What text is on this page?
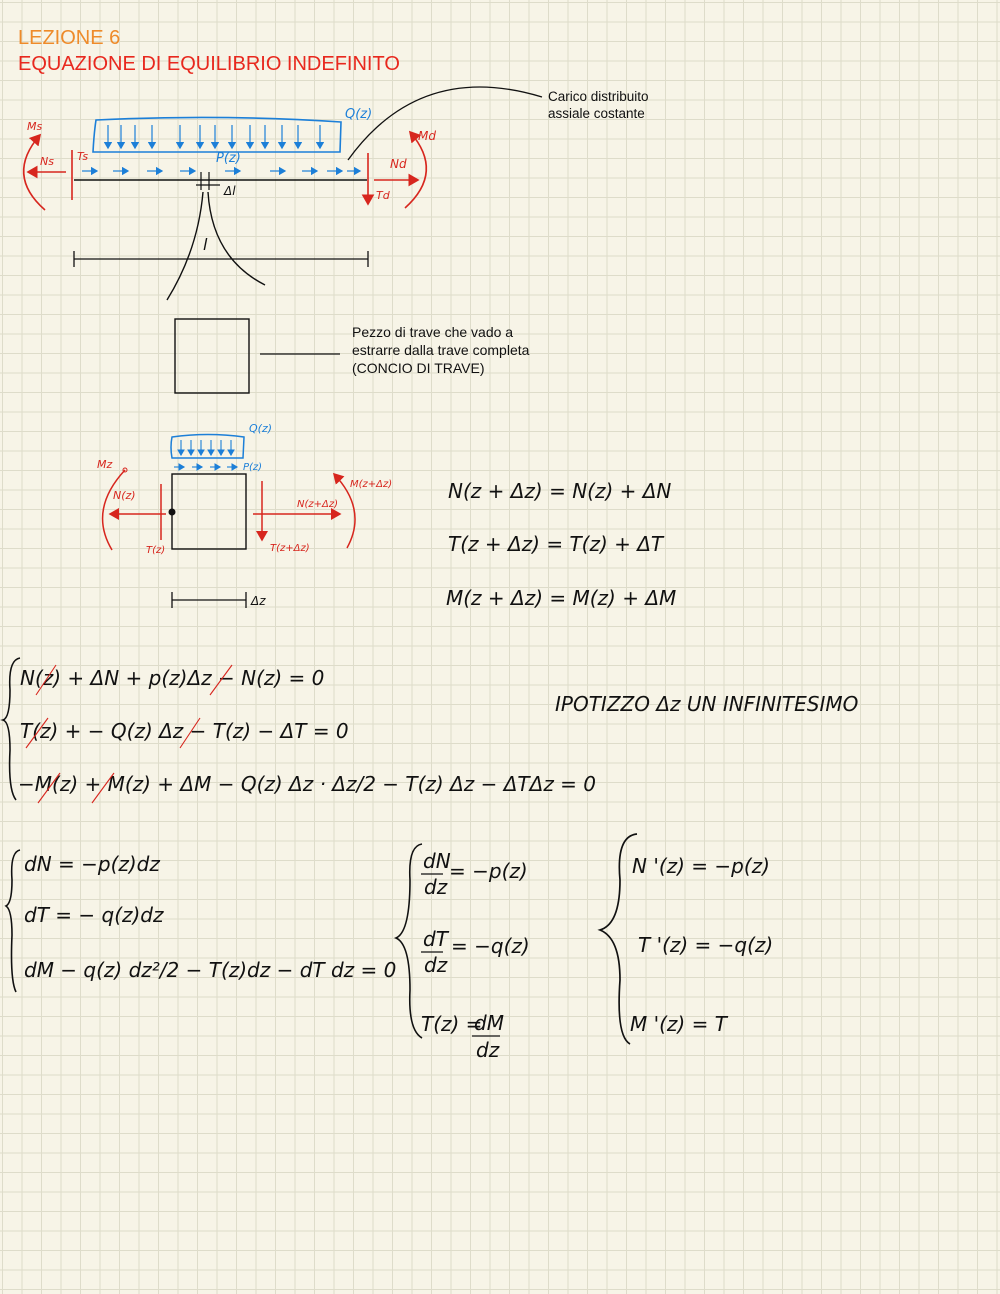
LEZIONE 6
EQUAZIONE DI EQUILIBRIO INDEFINITO
Carico distribuito
assiale costante
Pezzo di trave che vado a
estrarre dalla trave completa
(CONCIO DI TRAVE)
Ms
Ns Ts
Q(z)
P(z)
Δl
Md
Nd
Td
l
Q(z)
P(z)
Mz
N(z)
T(z)
M(z+Δz)
N(z+Δz)
T(z+Δz)
Δz
N(z + Δz) = N(z) + ΔN
T(z + Δz) = T(z) + ΔT
M(z + Δz) = M(z) + ΔM
N(z) + ΔN + p(z)Δz − N(z) = 0
T(z) + − Q(z) Δz − T(z) − ΔT = 0
−M(z) + M(z) + ΔM − Q(z) Δz · Δz/2 − T(z) Δz − ΔTΔz = 0
IPOTIZZO Δz UN INFINITESIMO
dN = −p(z)dz
dT = − q(z)dz
dM − q(z) dz²/2 − T(z)dz − dT dz = 0
dN
dz
= −p(z)
dT
dz
= −q(z)
T(z) =
dM
dz
N '(z) = −p(z)
T '(z) = −q(z)
M '(z) = T
